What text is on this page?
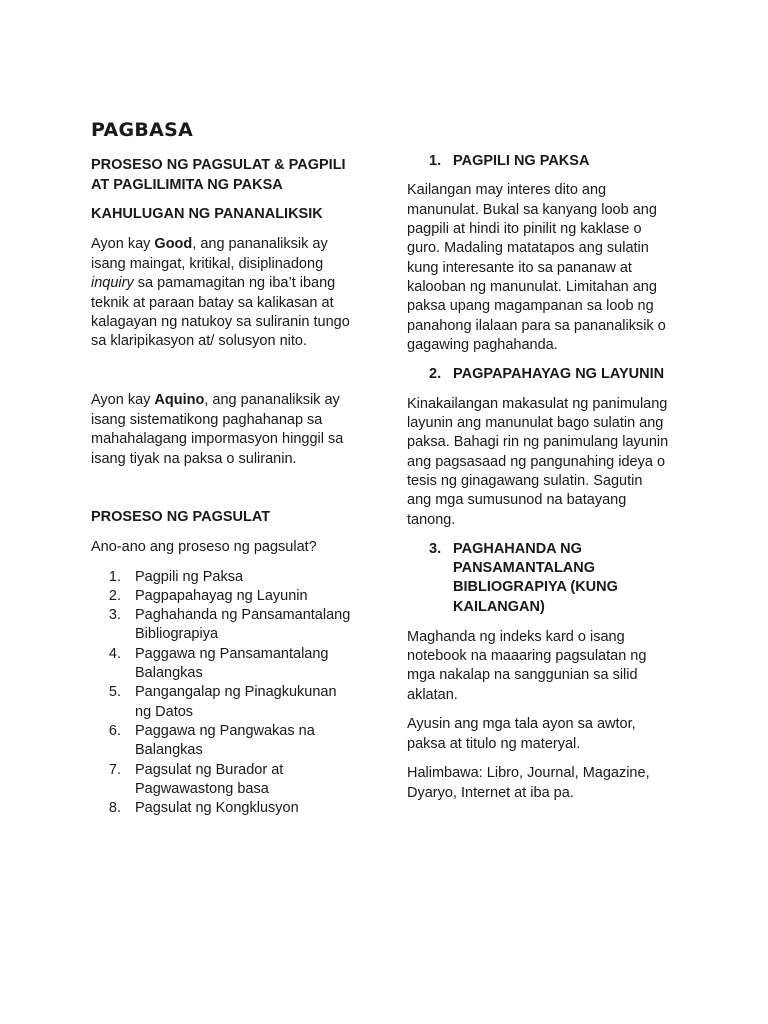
PAGBASA

PROSESO NG PAGSULAT & PAGPILI

AT PAGLILIMITA NG PAKSA

KAHULUGAN NG PANANALIKSIK

Ayon kay Good, ang pananaliksik ay

isang maingat, kritikal, disiplinadong

inquiry sa pamamagitan ng iba’t ibang

teknik at paraan batay sa kalikasan at

kalagayan ng natukoy sa suliranin tungo

sa klaripikasyon at/ solusyon nito.

Ayon kay Aquino, ang pananaliksik ay

isang sistematikong paghahanap sa

mahahalagang impormasyon hinggil sa

isang tiyak na paksa o suliranin.

PROSESO NG PAGSULAT

Ano-ano ang proseso ng pagsulat?

1. Pagpili ng Paksa

2. Pagpapahayag ng Layunin

3. Paghahanda ng Pansamantalang

Bibliograpiya

4. Paggawa ng Pansamantalang

Balangkas

5. Pangangalap ng Pinagkukunan

ng Datos

6. Paggawa ng Pangwakas na

Balangkas

7. Pagsulat ng Burador at

Pagwawastong basa

8. Pagsulat ng Kongklusyon

1. PAGPILI NG PAKSA

Kailangan may interes dito ang

manunulat. Bukal sa kanyang loob ang

pagpili at hindi ito pinilit ng kaklase o

guro. Madaling matatapos ang sulatin

kung interesante ito sa pananaw at

kalooban ng manunulat. Limitahan ang

paksa upang magampanan sa loob ng

panahong ilalaan para sa pananaliksik o

gagawing paghahanda.

2. PAGPAPAHAYAG NG LAYUNIN

Kinakailangan makasulat ng panimulang

layunin ang manunulat bago sulatin ang

paksa. Bahagi rin ng panimulang layunin

ang pagsasaad ng pangunahing ideya o

tesis ng ginagawang sulatin. Sagutin

ang mga sumusunod na batayang

tanong.

3. PAGHAHANDA NG

PANSAMANTALANG

BIBLIOGRAPIYA (KUNG

KAILANGAN)

Maghanda ng indeks kard o isang

notebook na maaaring pagsulatan ng

mga nakalap na sanggunian sa silid

aklatan.

Ayusin ang mga tala ayon sa awtor,

paksa at titulo ng materyal.

Halimbawa: Libro, Journal, Magazine,

Dyaryo, Internet at iba pa.
